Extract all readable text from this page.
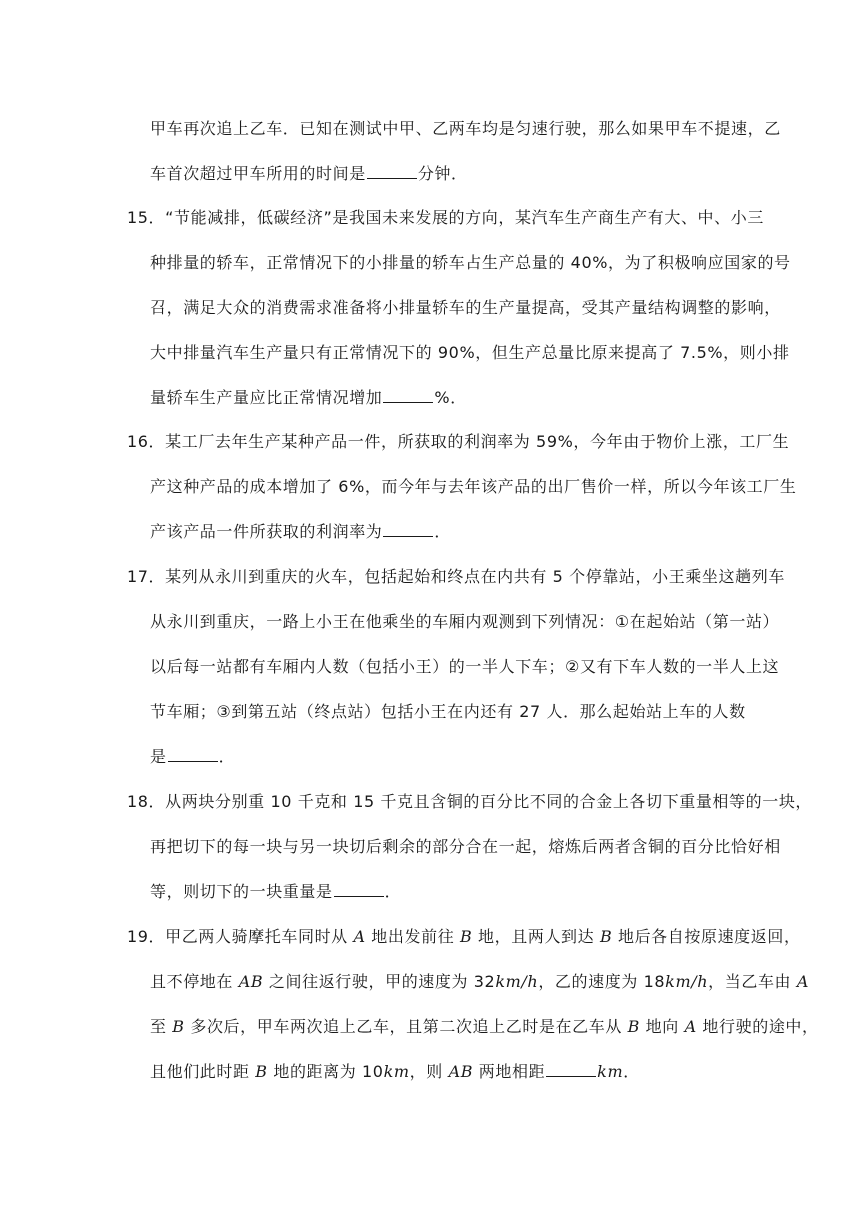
甲车再次追上乙车．已知在测试中甲、乙两车均是匀速行驶，那么如果甲车不提速，乙
车首次超过甲车所用的时间是	分钟．
15．“节能减排，低碳经济”是我国未来发展的方向，某汽车生产商生产有大、中、小三
种排量的轿车，正常情况下的小排量的轿车占生产总量的 40%，为了积极响应国家的号
召，满足大众的消费需求准备将小排量轿车的生产量提高，受其产量结构调整的影响，
大中排量汽车生产量只有正常情况下的 90%，但生产总量比原来提高了 7.5%，则小排
量轿车生产量应比正常情况增加	%．
16．某工厂去年生产某种产品一件，所获取的利润率为 59%，今年由于物价上涨，工厂生
产这种产品的成本增加了 6%，而今年与去年该产品的出厂售价一样，所以今年该工厂生
产该产品一件所获取的利润率为	．
17．某列从永川到重庆的火车，包括起始和终点在内共有 5 个停靠站，小王乘坐这趟列车
从永川到重庆，一路上小王在他乘坐的车厢内观测到下列情况：①在起始站（第一站）
以后每一站都有车厢内人数（包括小王）的一半人下车；②又有下车人数的一半人上这
节车厢；③到第五站（终点站）包括小王在内还有 27 人．那么起始站上车的人数
是	．
18．从两块分别重 10 千克和 15 千克且含铜的百分比不同的合金上各切下重量相等的一块，
再把切下的每一块与另一块切后剩余的部分合在一起，熔炼后两者含铜的百分比恰好相
等，则切下的一块重量是	．
19．甲乙两人骑摩托车同时从 A 地出发前往 B 地，且两人到达 B 地后各自按原速度返回，
且不停地在 AB 之间往返行驶，甲的速度为 32km/h，乙的速度为 18km/h，当乙车由 A
至 B 多次后，甲车两次追上乙车，且第二次追上乙时是在乙车从 B 地向 A 地行驶的途中，
且他们此时距 B 地的距离为 10km，则 AB 两地相距	km．
